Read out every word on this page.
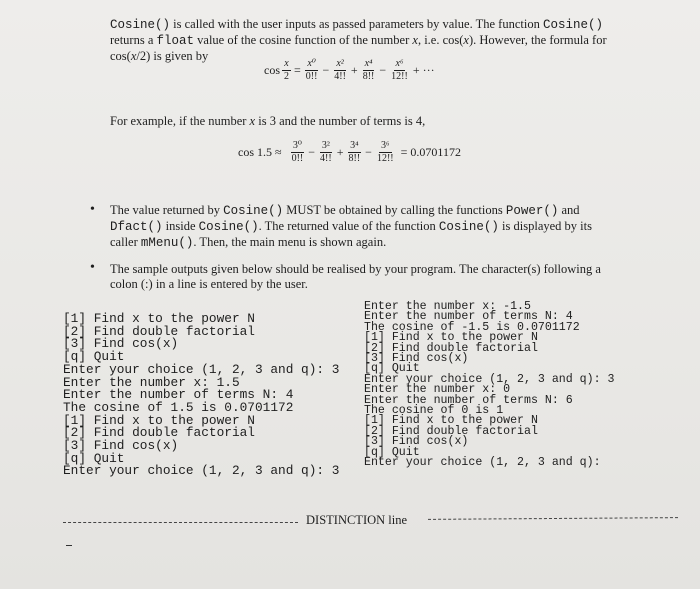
Cosine() is called with the user inputs as passed parameters by value. The function Cosine()
returns a float value of the cosine function of the number x, i.e. cos(x). However, the formula for
cos(x/2) is given by
$\cos \frac{x}{2} = \frac{\text{x⁰}}{0!!} - \frac{\text{x²}}{4!!} + \frac{\text{x⁴}}{8!!} - \frac{\text{x⁶}}{12!!}$ + ···
For example, if the number x is 3 and the number of terms is 4,
$\cos 1.5 \approx \frac{\text{3⁰}}{0!!} - \frac{\text{3²}}{4!!} + \frac{\text{3⁴}}{8!!} - \frac{\text{3⁶}}{12!!} = 0.0701172$
• The value returned by Cosine() MUST be obtained by calling the functions Power() and
Dfact() inside Cosine(). The returned value of the function Cosine() is displayed by its
caller mMenu(). Then, the main menu is shown again.
• The sample outputs given below should be realised by your program. The character(s) following a
colon (:) in a line is entered by the user.
[1] Find x to the power N
[2] Find double factorial
[3] Find cos(x)
[q] Quit
Enter your choice (1, 2, 3 and q): 3
Enter the number x: 1.5
Enter the number of terms N: 4
The cosine of 1.5 is 0.0701172
[1] Find x to the power N
[2] Find double factorial
[3] Find cos(x)
[q] Quit
Enter your choice (1, 2, 3 and q): 3
Enter the number x: -1.5
Enter the number of terms N: 4
The cosine of -1.5 is 0.0701172
[1] Find x to the power N
[2] Find double factorial
[3] Find cos(x)
[q] Quit
Enter your choice (1, 2, 3 and q): 3
Enter the number x: 0
Enter the number of terms N: 6
The cosine of 0 is 1
[1] Find x to the power N
[2] Find double factorial
[3] Find cos(x)
[q] Quit
Enter your choice (1, 2, 3 and q):
DISTINCTION line
